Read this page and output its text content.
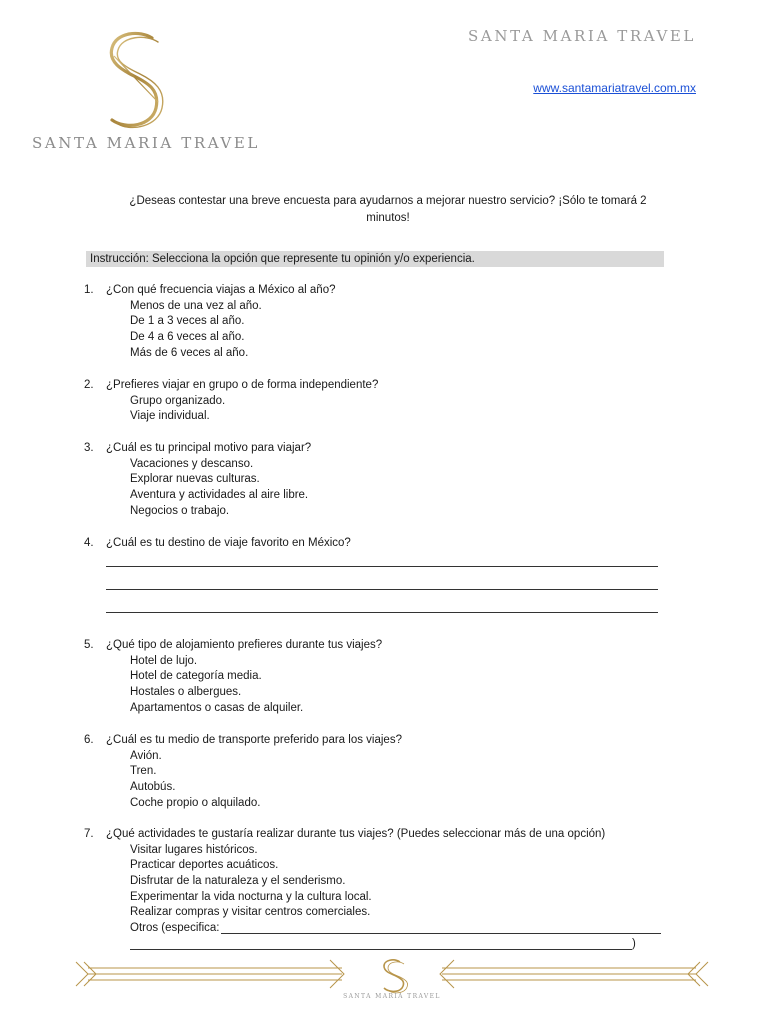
SANTA MARIA TRAVEL
SANTA MARIA TRAVEL
www.santamariatravel.com.mx
¿Deseas contestar una breve encuesta para ayudarnos a mejorar nuestro servicio? ¡Sólo te tomará 2
minutos!
Instrucción: Selecciona la opción que represente tu opinión y/o experiencia.
1.	¿Con qué frecuencia viajas a México al año?
Menos de una vez al año.
De 1 a 3 veces al año.
De 4 a 6 veces al año.
Más de 6 veces al año.
2.	¿Prefieres viajar en grupo o de forma independiente?
Grupo organizado.
Viaje individual.
3.	¿Cuál es tu principal motivo para viajar?
Vacaciones y descanso.
Explorar nuevas culturas.
Aventura y actividades al aire libre.
Negocios o trabajo.
4.	¿Cuál es tu destino de viaje favorito en México?
5.	¿Qué tipo de alojamiento prefieres durante tus viajes?
Hotel de lujo.
Hotel de categoría media.
Hostales o albergues.
Apartamentos o casas de alquiler.
6.	¿Cuál es tu medio de transporte preferido para los viajes?
Avión.
Tren.
Autobús.
Coche propio o alquilado.
7.	¿Qué actividades te gustaría realizar durante tus viajes? (Puedes seleccionar más de una opción)
Visitar lugares históricos.
Practicar deportes acuáticos.
Disfrutar de la naturaleza y el senderismo.
Experimentar la vida nocturna y la cultura local.
Realizar compras y visitar centros comerciales.
Otros (especifica:
)
SANTA MARIA TRAVEL
